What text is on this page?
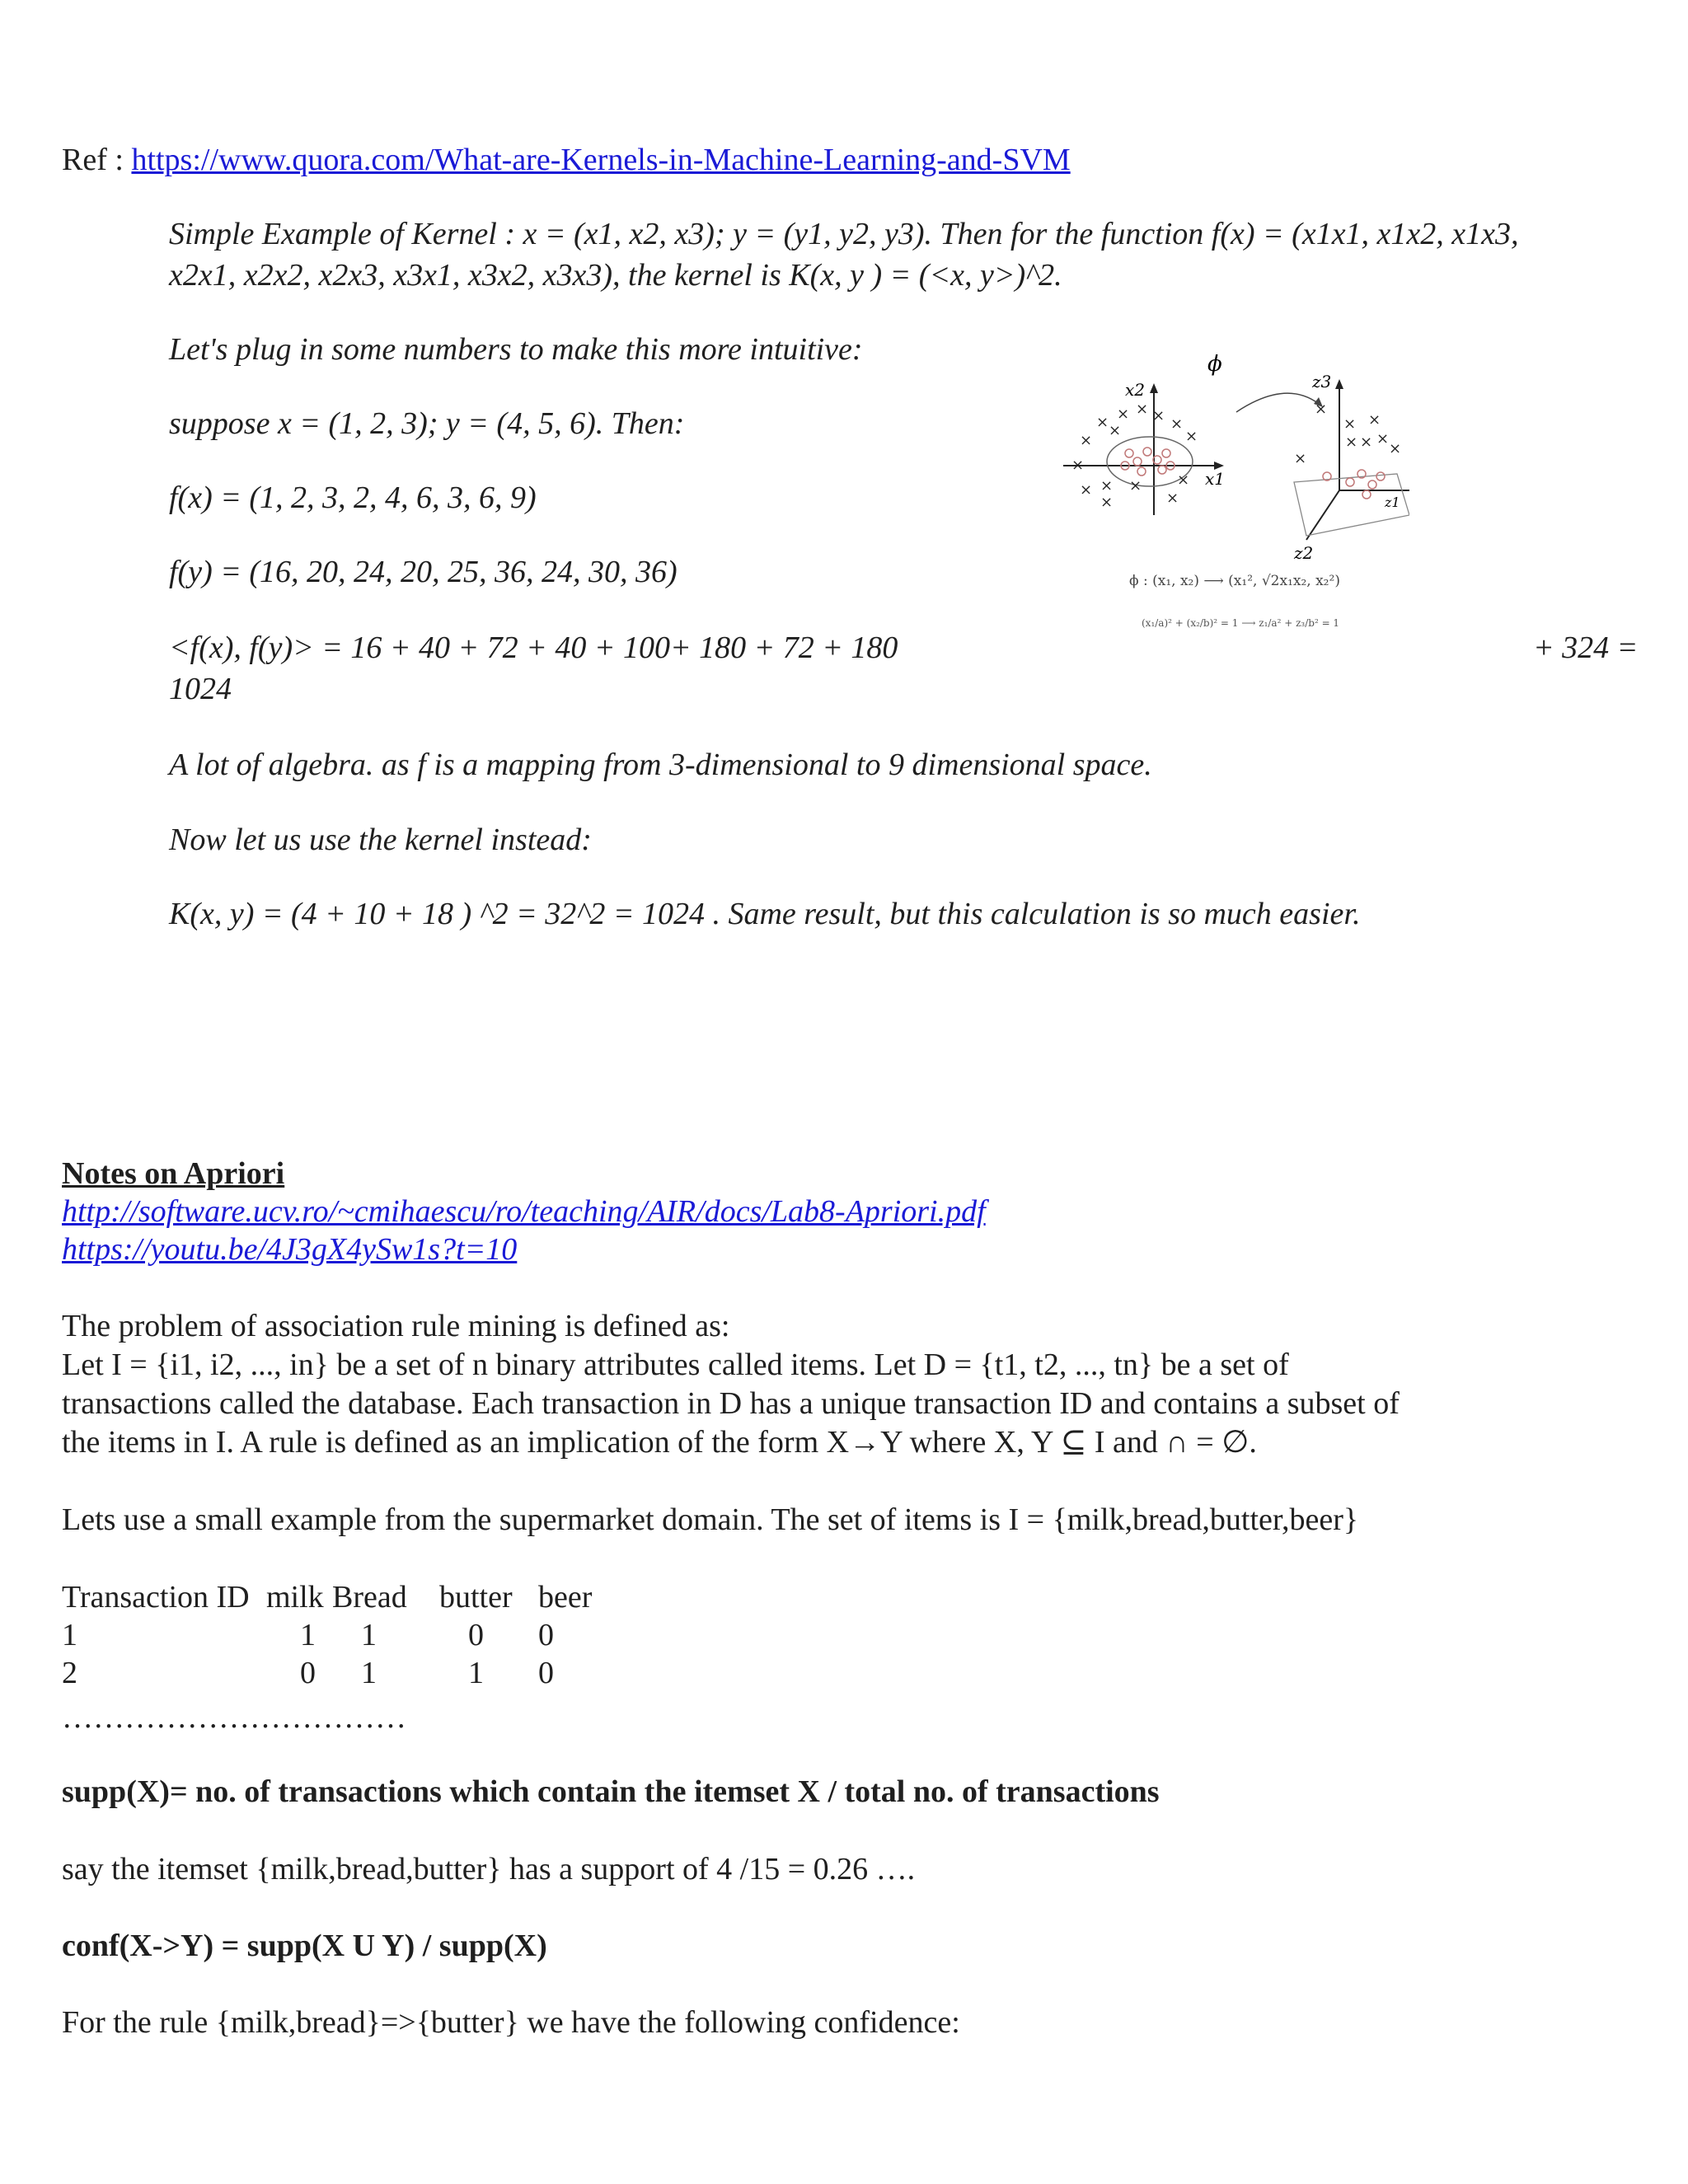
Ref : https://www.quora.com/What-are-Kernels-in-Machine-Learning-and-SVM
Simple Example of Kernel : x = (x1, x2, x3); y = (y1, y2, y3). Then for the function f(x) = (x1x1, x1x2, x1x3,
x2x1, x2x2, x2x3, x3x1, x3x2, x3x3), the kernel is K(x, y ) = (<x, y>)^2.
Let's plug in some numbers to make this more intuitive:
suppose x = (1, 2, 3); y = (4, 5, 6). Then:
f(x) = (1, 2, 3, 2, 4, 6, 3, 6, 9)
f(y) = (16, 20, 24, 20, 25, 36, 24, 30, 36)
<f(x), f(y)> = 16 + 40 + 72 + 40 + 100+ 180 + 72 + 180	+ 324 =
1024
A lot of algebra. as f is a mapping from 3-dimensional to 9 dimensional space.
Now let us use the kernel instead:
K(x, y) = (4 + 10 + 18 ) ^2 = 32^2 = 1024 . Same result, but this calculation is so much easier.
x2
x1
× × × × ×
×
×
×
× ×
×
×
×
×
×
ϕ
z3
z2
×
× ×
× ×
×
×
×
z1
ϕ : (x₁, x₂) ⟶ (x₁², √2x₁x₂, x₂²)
(x₁/a)² + (x₂/b)² = 1 ⟶ z₁/a² + z₃/b² = 1
Notes on Apriori
http://software.ucv.ro/~cmihaescu/ro/teaching/AIR/docs/Lab8-Apriori.pdf
https://youtu.be/4J3gX4ySw1s?t=10
The problem of association rule mining is defined as:
Let I = {i1, i2, ..., in} be a set of n binary attributes called items. Let D = {t1, t2, ..., tn} be a set of
transactions called the database. Each transaction in D has a unique transaction ID and contains a subset of
the items in I. A rule is defined as an implication of the form X→Y where X, Y ⊆ I and ∩ = ∅.
Lets use a small example from the supermarket domain. The set of items is I = {milk,bread,butter,beer}
Transaction ID	milk	Bread	butter	beer
1	1	1	0	0
2	0	1	1	0
……………………………
supp(X)= no. of transactions which contain the itemset X / total no. of transactions
say the itemset {milk,bread,butter} has a support of 4 /15 = 0.26 ….
conf(X->Y) = supp(X U Y) / supp(X)
For the rule {milk,bread}=>{butter} we have the following confidence:
